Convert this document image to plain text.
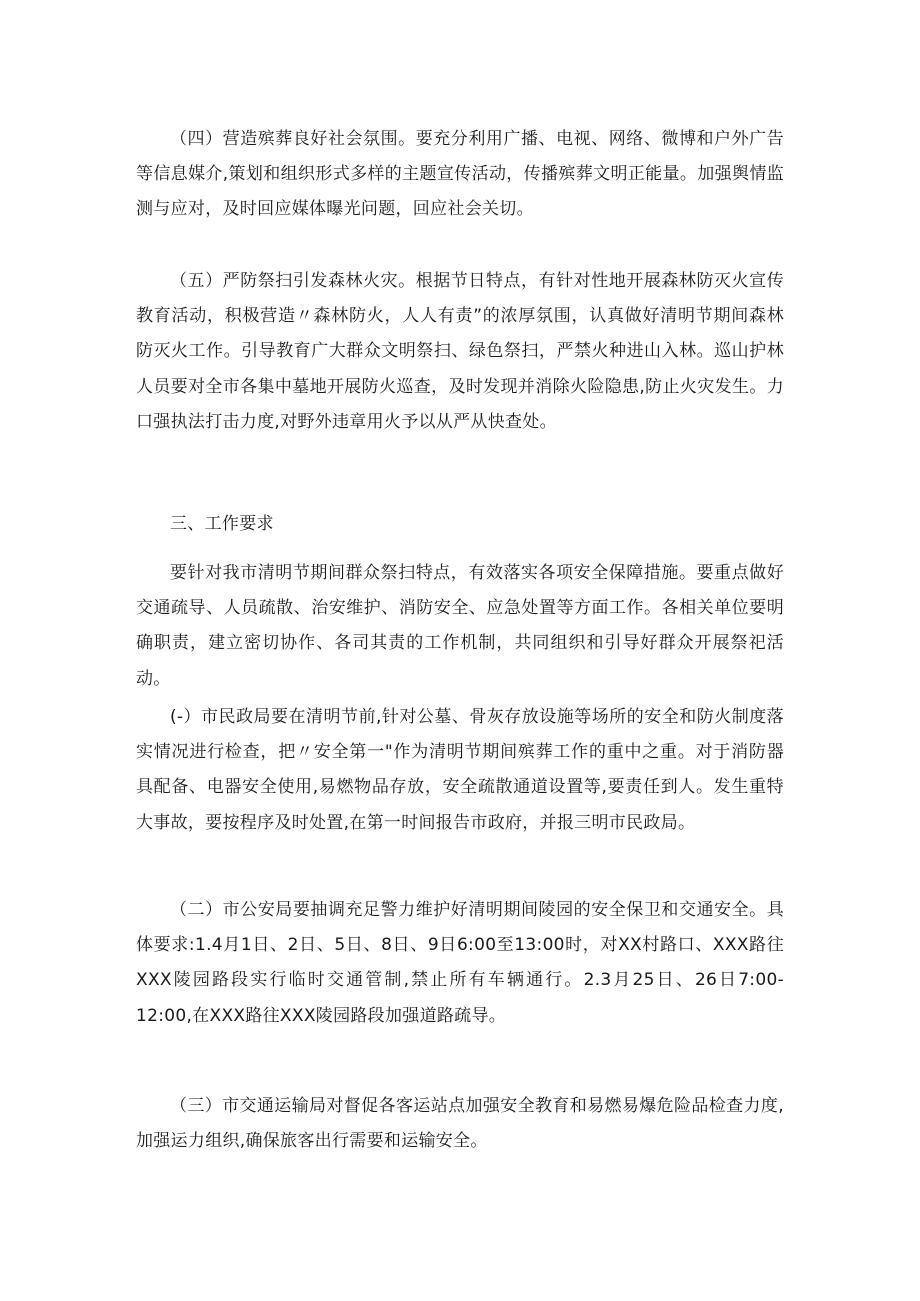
（四）营造殡葬良好社会氛围。要充分利用广播、电视、网络、微博和户外广告等信息媒介,策划和组织形式多样的主题宣传活动，传播殡葬文明正能量。加强舆情监测与应对，及时回应媒体曝光问题，回应社会关切。

（五）严防祭扫引发森林火灾。根据节日特点，有针对性地开展森林防灭火宣传教育活动，积极营造〃森林防火，人人有责”的浓厚氛围，认真做好清明节期间森林防灭火工作。引导教育广大群众文明祭扫、绿色祭扫，严禁火种进山入林。巡山护林人员要对全市各集中墓地开展防火巡查，及时发现并消除火险隐患,防止火灾发生。力口强执法打击力度,对野外违章用火予以从严从快查处。

三、工作要求

要针对我市清明节期间群众祭扫特点，有效落实各项安全保障措施。要重点做好交通疏导、人员疏散、治安维护、消防安全、应急处置等方面工作。各相关单位要明确职责，建立密切协作、各司其责的工作机制，共同组织和引导好群众开展祭祀活动。

(-）市民政局要在清明节前,针对公墓、骨灰存放设施等场所的安全和防火制度落实情况进行检查，把〃安全第一"作为清明节期间殡葬工作的重中之重。对于消防器具配备、电器安全使用,易燃物品存放，安全疏散通道设置等,要责任到人。发生重特大事故，要按程序及时处置,在第一时间报告市政府，并报三明市民政局。

（二）市公安局要抽调充足警力维护好清明期间陵园的安全保卫和交通安全。具体要求:1.4月1日、2日、5日、8日、9日6:00至13:00时，对XX村路口、XXX路往XXX陵园路段实行临时交通管制,禁止所有车辆通行。2.3月25日、26日7:00-12:00,在XXX路往XXX陵园路段加强道路疏导。

（三）市交通运输局对督促各客运站点加强安全教育和易燃易爆危险品检查力度,加强运力组织,确保旅客出行需要和运输安全。
